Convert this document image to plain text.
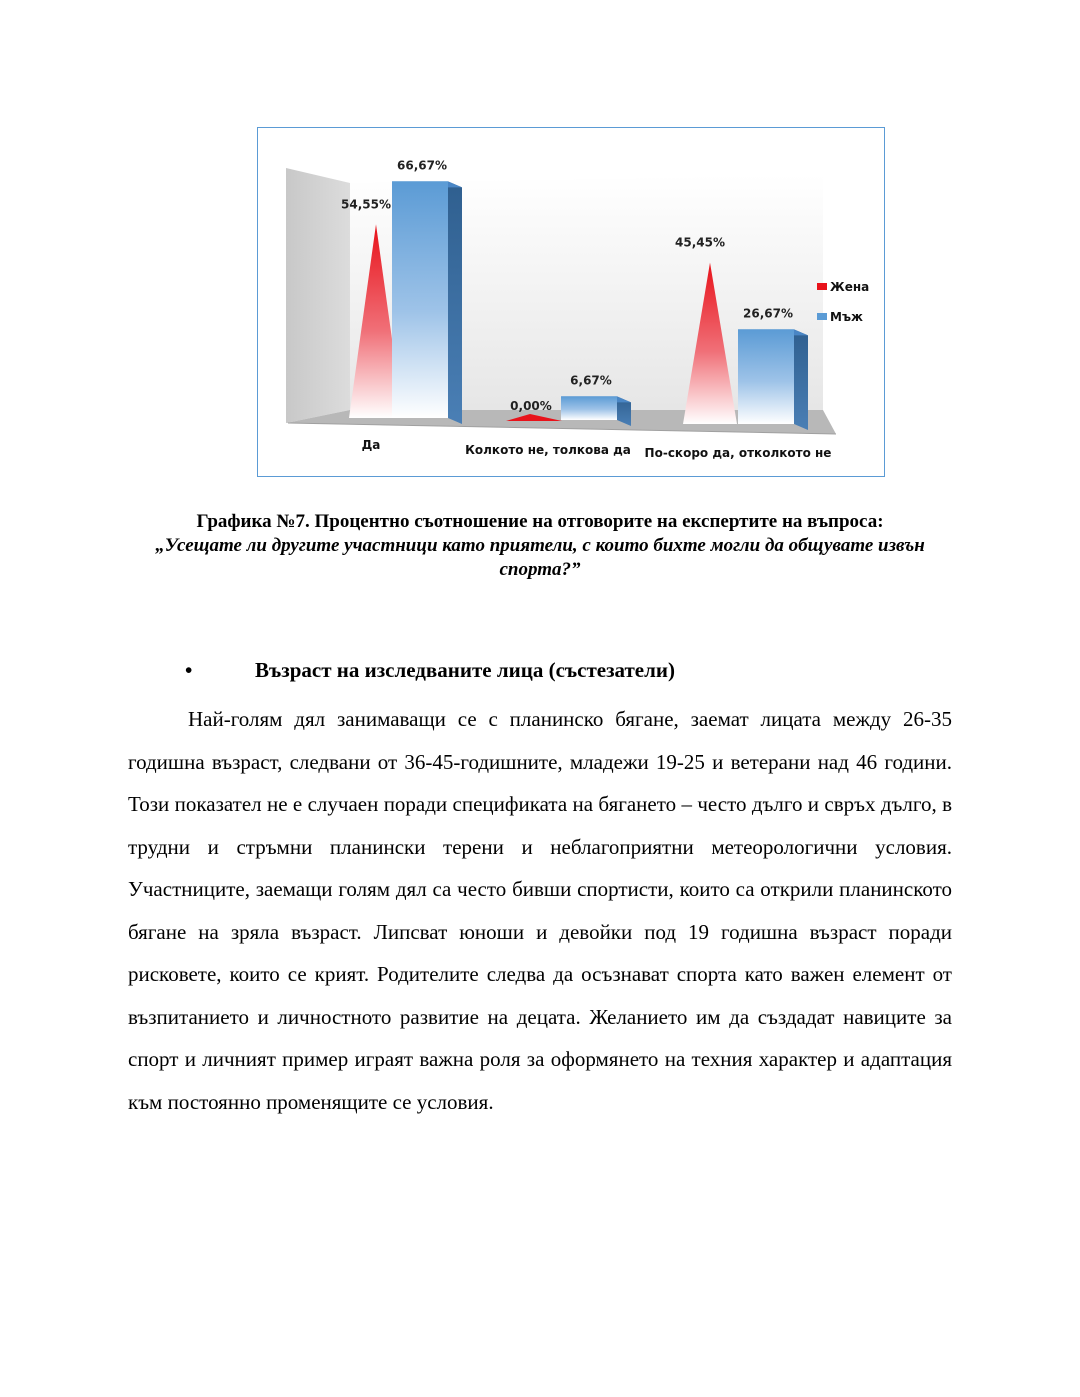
54,55%
66,67%
0,00%
6,67%
45,45%
26,67%
Жена
Мъж
Да	Колкото не, толкова да По-скоро да, отколкото не
Графика №7. Процентно съотношение на отговорите на експертите на въпроса:
„Усещате ли другите участници като приятели, с които бихте могли да общувате извън спорта?”
•	Възраст на изследваните лица (състезатели)

Най-голям дял занимаващи се с планинско бягане, заемат лицата между 26-35 годишна възраст, следвани от 36-45-годишните, младежи 19-25 и ветерани над 46 години. Този показател не е случаен поради спецификата на бягането – често дълго и свръх дълго, в трудни и стръмни планински терени и неблагоприятни метеорологични условия. Участниците, заемащи голям дял са често бивши спортисти, които са открили планинското бягане на зряла възраст. Липсват юноши и девойки под 19 годишна възраст поради рисковете, които се крият. Родителите следва да осъзнават спорта като важен елемент от възпитанието и личностното развитие на децата. Желанието им да създадат навиците за спорт и личният пример играят важна роля за оформянето на техния характер и адаптация към постоянно променящите се условия.
